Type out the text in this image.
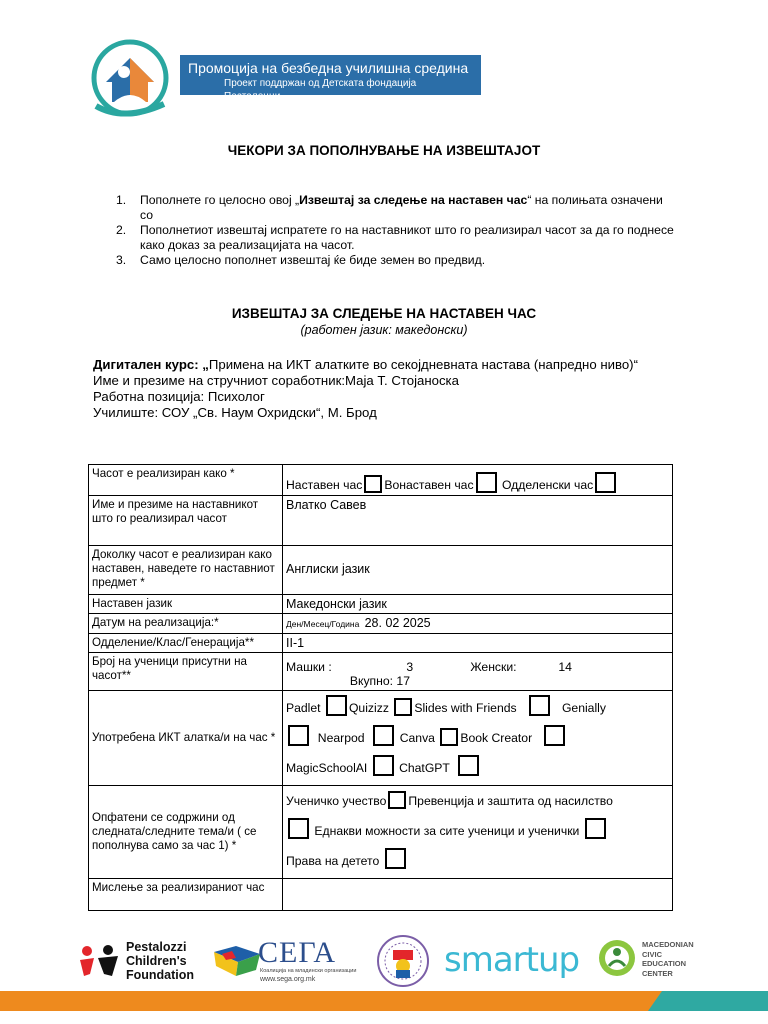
Промоција на безбедна училишна средина
Проект поддржан од Детската фондација Песталоцци
ЧЕКОРИ ЗА ПОПОЛНУВАЊЕ НА ИЗВЕШТАЈОТ
1. Пополнете го целосно овој „Извештај за следење на наставен час“ на полињата означени со
2. Пополнетиот извештај испратете го на наставникот што го реализирал часот за да го поднесе како доказ за реализацијата на часот.
3. Само целосно пополнет извештај ќе биде земен во предвид.
ИЗВЕШТАЈ ЗА СЛЕДЕЊЕ НА НАСТАВЕН ЧАС
(работен јазик: македонски)
Дигитален курс: „Примена на ИКТ алатките во секојдневната настава (напредно ниво)“
Име и презиме на стручниот соработник:Маја Т. Стојаноска
Работна позиција: Психолог
Училиште: СОУ „Св. Наум Охридски“, М. Брод
Часот е реализиран како *	Наставен час Вонаставен час Одделенски час
Име и презиме на наставникот што го реализирал часот	Влатко Савев
Доколку часот е реализиран како наставен, наведете го наставниот предмет *	Англиски јазик
Наставен јазик	Македонски јазик
Датум на реализација:*	Ден/Месец/Година 28. 02 2025
Одделение/Клас/Генерација**	II-1
Број на ученици присутни на часот**	Машки : 3 Женски: 14 Вкупно: 17
Употребена ИКТ алатка/и на час *	Padlet Quizizz Slides with Friends Genially
Nearpod Canva Book Creator
MagicSchoolAI ChatGPT

Опфатени се содржини од следната/следните тема/и ( се пополнува само за час 1) *	Ученичко учество Превенција и заштита од насилство
Еднакви можности за сите ученици и ученички
Права на детето

Мислење за реализираниот час	
Pestalozzi
Children's
Foundation
СЕГА
Коалиција на младински организации
www.sega.org.mk	smartup	MACEDONIAN
CIVIC
EDUCATION
CENTER
